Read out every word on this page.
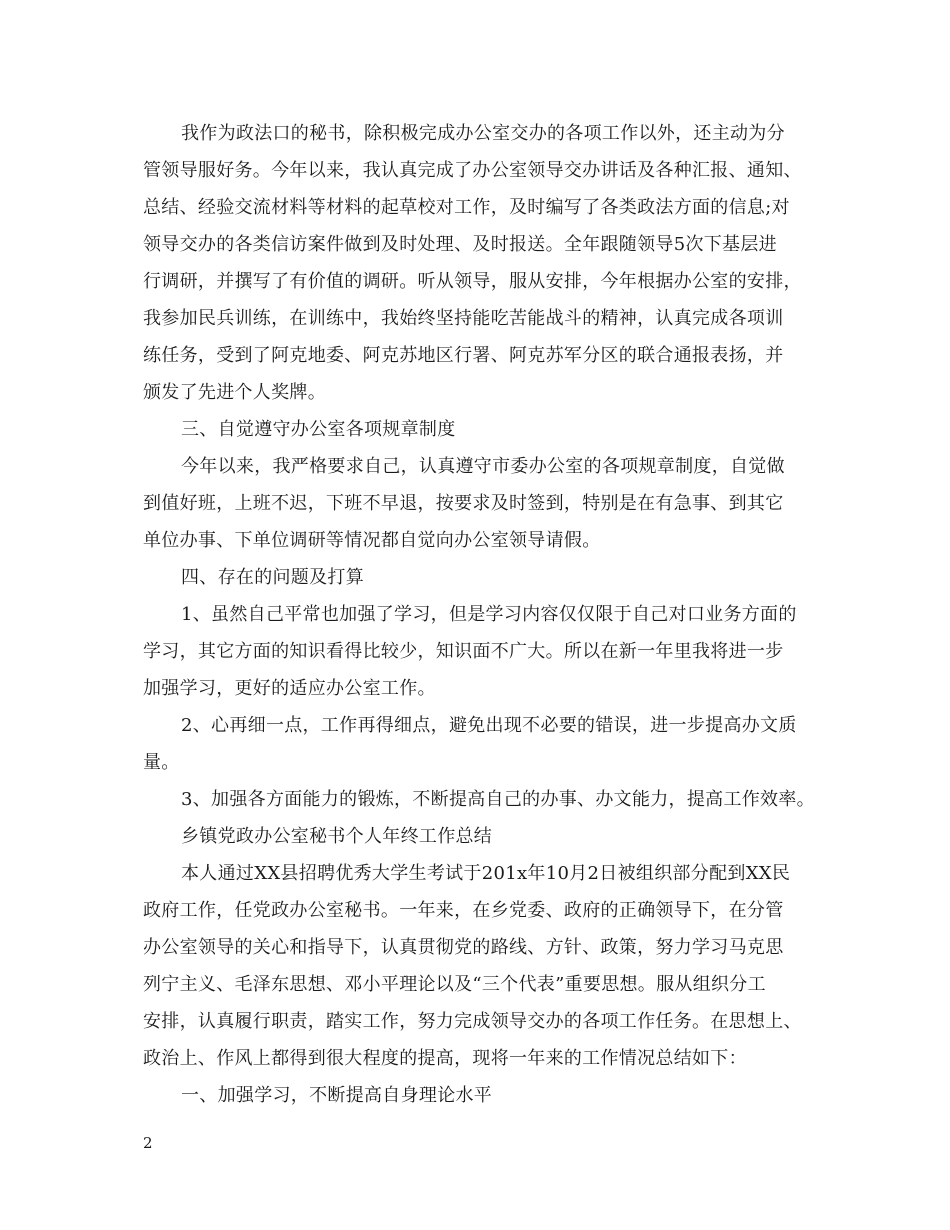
我作为政法口的秘书，除积极完成办公室交办的各项工作以外，还主动为分
管领导服好务。今年以来，我认真完成了办公室领导交办讲话及各种汇报、通知、
总结、经验交流材料等材料的起草校对工作，及时编写了各类政法方面的信息;对
领导交办的各类信访案件做到及时处理、及时报送。全年跟随领导5次下基层进
行调研，并撰写了有价值的调研。听从领导，服从安排，今年根据办公室的安排，
我参加民兵训练，在训练中，我始终坚持能吃苦能战斗的精神，认真完成各项训
练任务，受到了阿克地委、阿克苏地区行署、阿克苏军分区的联合通报表扬，并
颁发了先进个人奖牌。
三、自觉遵守办公室各项规章制度
今年以来，我严格要求自己，认真遵守市委办公室的各项规章制度，自觉做
到值好班，上班不迟，下班不早退，按要求及时签到，特别是在有急事、到其它
单位办事、下单位调研等情况都自觉向办公室领导请假。
四、存在的问题及打算
1、虽然自己平常也加强了学习，但是学习内容仅仅限于自己对口业务方面的
学习，其它方面的知识看得比较少，知识面不广大。所以在新一年里我将进一步
加强学习，更好的适应办公室工作。
2、心再细一点，工作再得细点，避免出现不必要的错误，进一步提高办文质
量。
3、加强各方面能力的锻炼，不断提高自己的办事、办文能力，提高工作效率。
乡镇党政办公室秘书个人年终工作总结
本人通过XX县招聘优秀大学生考试于201x年10月2日被组织部分配到XX民
政府工作，任党政办公室秘书。一年来，在乡党委、政府的正确领导下，在分管
办公室领导的关心和指导下，认真贯彻党的路线、方针、政策，努力学习马克思
列宁主义、毛泽东思想、邓小平理论以及“三个代表”重要思想。服从组织分工
安排，认真履行职责，踏实工作，努力完成领导交办的各项工作任务。在思想上、
政治上、作风上都得到很大程度的提高，现将一年来的工作情况总结如下：
一、加强学习，不断提高自身理论水平
2
